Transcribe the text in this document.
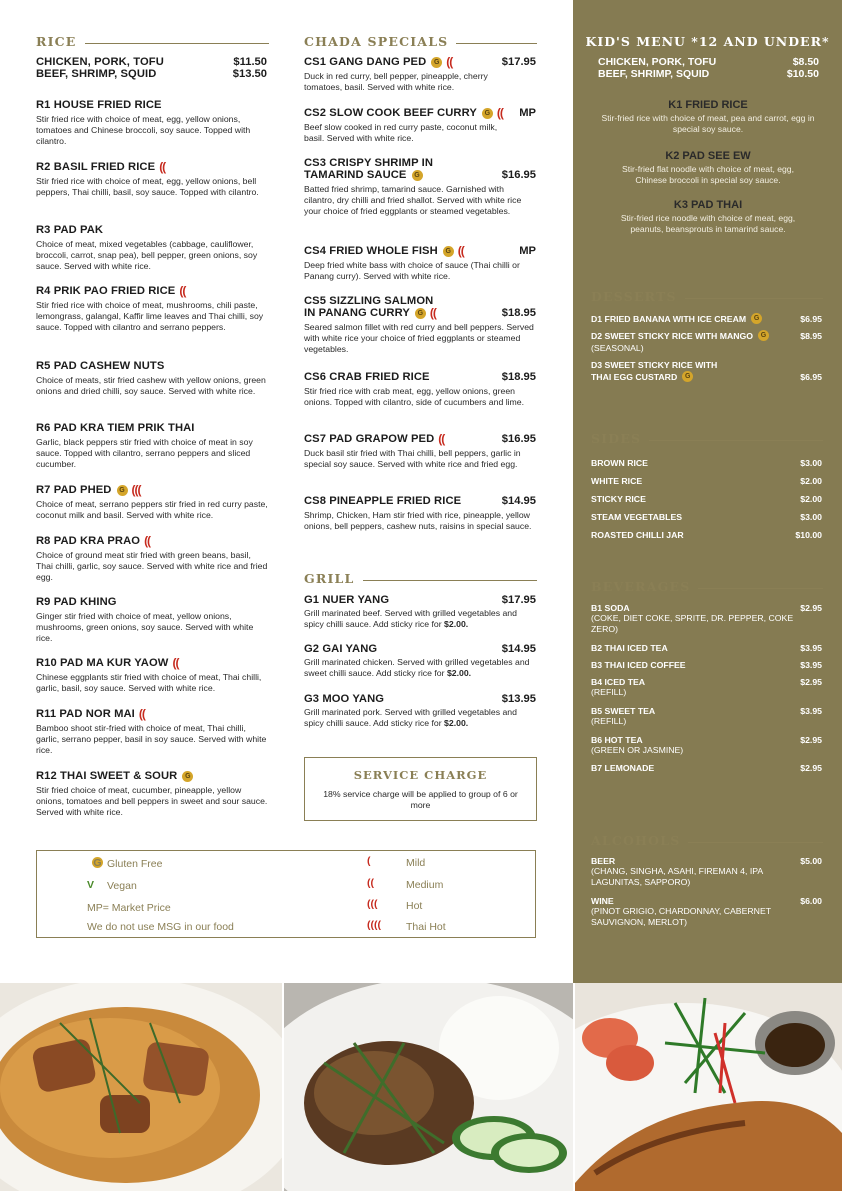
RICE
CHICKEN, PORK, TOFU	$11.50
BEEF, SHRIMP, SQUID	$13.50
R1 HOUSE FRIED RICE
Stir fried rice with choice of meat, egg, yellow onions, tomatoes and Chinese broccoli, soy sauce. Topped with cilantro.
R2 BASIL FRIED RICE ((
Stir fried rice with choice of meat, egg, yellow onions, bell peppers, Thai chilli, basil, soy sauce. Topped with cilantro.
R3 PAD PAK
Choice of meat, mixed vegetables (cabbage, cauliflower, broccoli, carrot, snap pea), bell pepper, green onions, soy sauce. Served with white rice.
R4 PRIK PAO FRIED RICE ((
Stir fried rice with choice of meat, mushrooms, chili paste, lemongrass, galangal, Kaffir lime leaves and Thai chilli, soy sauce. Topped with cilantro and serrano peppers.
R5 PAD CASHEW NUTS
Choice of meats, stir fried cashew with yellow onions, green onions and dried chilli, soy sauce. Served with white rice.
R6 PAD KRA TIEM PRIK THAI
Garlic, black peppers stir fried with choice of meat in soy sauce. Topped with cilantro, serrano peppers and sliced cucumber.
R7 PAD PHED	G (((
Choice of meat, serrano peppers stir fried in red curry paste, coconut milk and basil. Served with white rice.
R8 PAD KRA PRAO ((
Choice of ground meat stir fried with green beans, basil, Thai chilli, garlic, soy sauce. Served with white rice and fried egg.
R9 PAD KHING
Ginger stir fried with choice of meat, yellow onions, mushrooms, green onions, soy sauce. Served with white rice.
R10 PAD MA KUR YAOW ((
Chinese eggplants stir fried with choice of meat, Thai chilli, garlic, basil, soy sauce. Served with white rice.
R11 PAD NOR MAI ((
Bamboo shoot stir-fried with choice of meat, Thai chilli, garlic, serrano pepper, basil in soy sauce. Served with white rice.
R12 THAI SWEET & SOUR	G
Stir fried choice of meat, cucumber, pineapple, yellow onions, tomatoes and bell peppers in sweet and sour sauce. Served with white rice.
CHADA SPECIALS
CS1 GANG DANG PED	G ((	$17.95
Duck in red curry, bell pepper, pineapple, cherry tomatoes, basil. Served with white rice.
CS2 SLOW COOK BEEF CURRY	G (( MP
Beef slow cooked in red curry paste, coconut milk, basil. Served with white rice.
CS3 CRISPY SHRIMP IN
TAMARIND SAUCE	G	$16.95
Batted fried shrimp, tamarind sauce. Garnished with cilantro, dry chilli and fried shallot. Served with white rice your choice of fried eggplants or steamed vegetables.
CS4 FRIED WHOLE FISH	G ((	MP
Deep fried white bass with choice of sauce (Thai chilli or Panang curry). Served with white rice.
CS5 SIZZLING SALMON
IN PANANG CURRY	G ((	$18.95
Seared salmon fillet with red curry and bell peppers. Served with white rice your choice of fried eggplants or steamed vegetables.
CS6 CRAB FRIED RICE	$18.95
Stir fried rice with crab meat, egg, yellow onions, green onions. Topped with cilantro, side of cucumbers and lime.
CS7 PAD GRAPOW PED ((	$16.95
Duck basil stir fried with Thai chilli, bell peppers, garlic in special soy sauce. Served with white rice and fried egg.
CS8 PINEAPPLE FRIED RICE	$14.95
Shrimp, Chicken, Ham stir fried with rice, pineapple, yellow onions, bell peppers, cashew nuts, raisins in special sauce.
GRILL
G1 NUER YANG	$17.95
Grill marinated beef. Served with grilled vegetables and spicy chilli sauce. Add sticky rice for $2.00.
G2 GAI YANG	$14.95
Grill marinated chicken. Served with grilled vegetables and sweet chilli sauce. Add sticky rice for $2.00.
G3 MOO YANG	$13.95
Grill marinated pork. Served with grilled vegetables and spicy chilli sauce. Add sticky rice for $2.00.
SERVICE CHARGE
18% service charge will be applied to group of 6 or more
G Gluten Free
V Vegan
MP= Market Price
We do not use MSG in our food
(	Mild
((	Medium
(((	Hot
(((( Thai Hot
KID'S MENU *12 AND UNDER*
CHICKEN, PORK, TOFU	$8.50
BEEF, SHRIMP, SQUID	$10.50
K1 FRIED RICE
Stir-fried rice with choice of meat, pea and carrot, egg in special soy sauce.
K2 PAD SEE EW
Stir-fried flat noodle with choice of meat, egg, Chinese broccoli in special soy sauce.
K3 PAD THAI
Stir-fried rice noodle with choice of meat, egg, peanuts, beansprouts in tamarind sauce.
DESSERTS
D1 FRIED BANANA WITH ICE CREAM	G	$6.95
D2 SWEET STICKY RICE WITH MANGO	G	$8.95
(SEASONAL)
D3 SWEET STICKY RICE WITH
THAI EGG CUSTARD	G	$6.95
SIDES
BROWN RICE	$3.00
WHITE RICE	$2.00
STICKY RICE	$2.00
STEAM VEGETABLES	$3.00
ROASTED CHILLI JAR	$10.00
BEVERAGES
B1 SODA	$2.95
(COKE, DIET COKE, SPRITE, DR. PEPPER, COKE ZERO)
B2 THAI ICED TEA	$3.95
B3 THAI ICED COFFEE	$3.95
B4 ICED TEA	$2.95
(REFILL)
B5 SWEET TEA	$3.95
(REFILL)
B6 HOT TEA	$2.95
(GREEN OR JASMINE)
B7 LEMONADE	$2.95
ALCOHOLS
BEER	$5.00
(CHANG, SINGHA, ASAHI, FIREMAN 4, IPA LAGUNITAS, SAPPORO)
WINE	$6.00
(PINOT GRIGIO, CHARDONNAY, CABERNET SAUVIGNON, MERLOT)
